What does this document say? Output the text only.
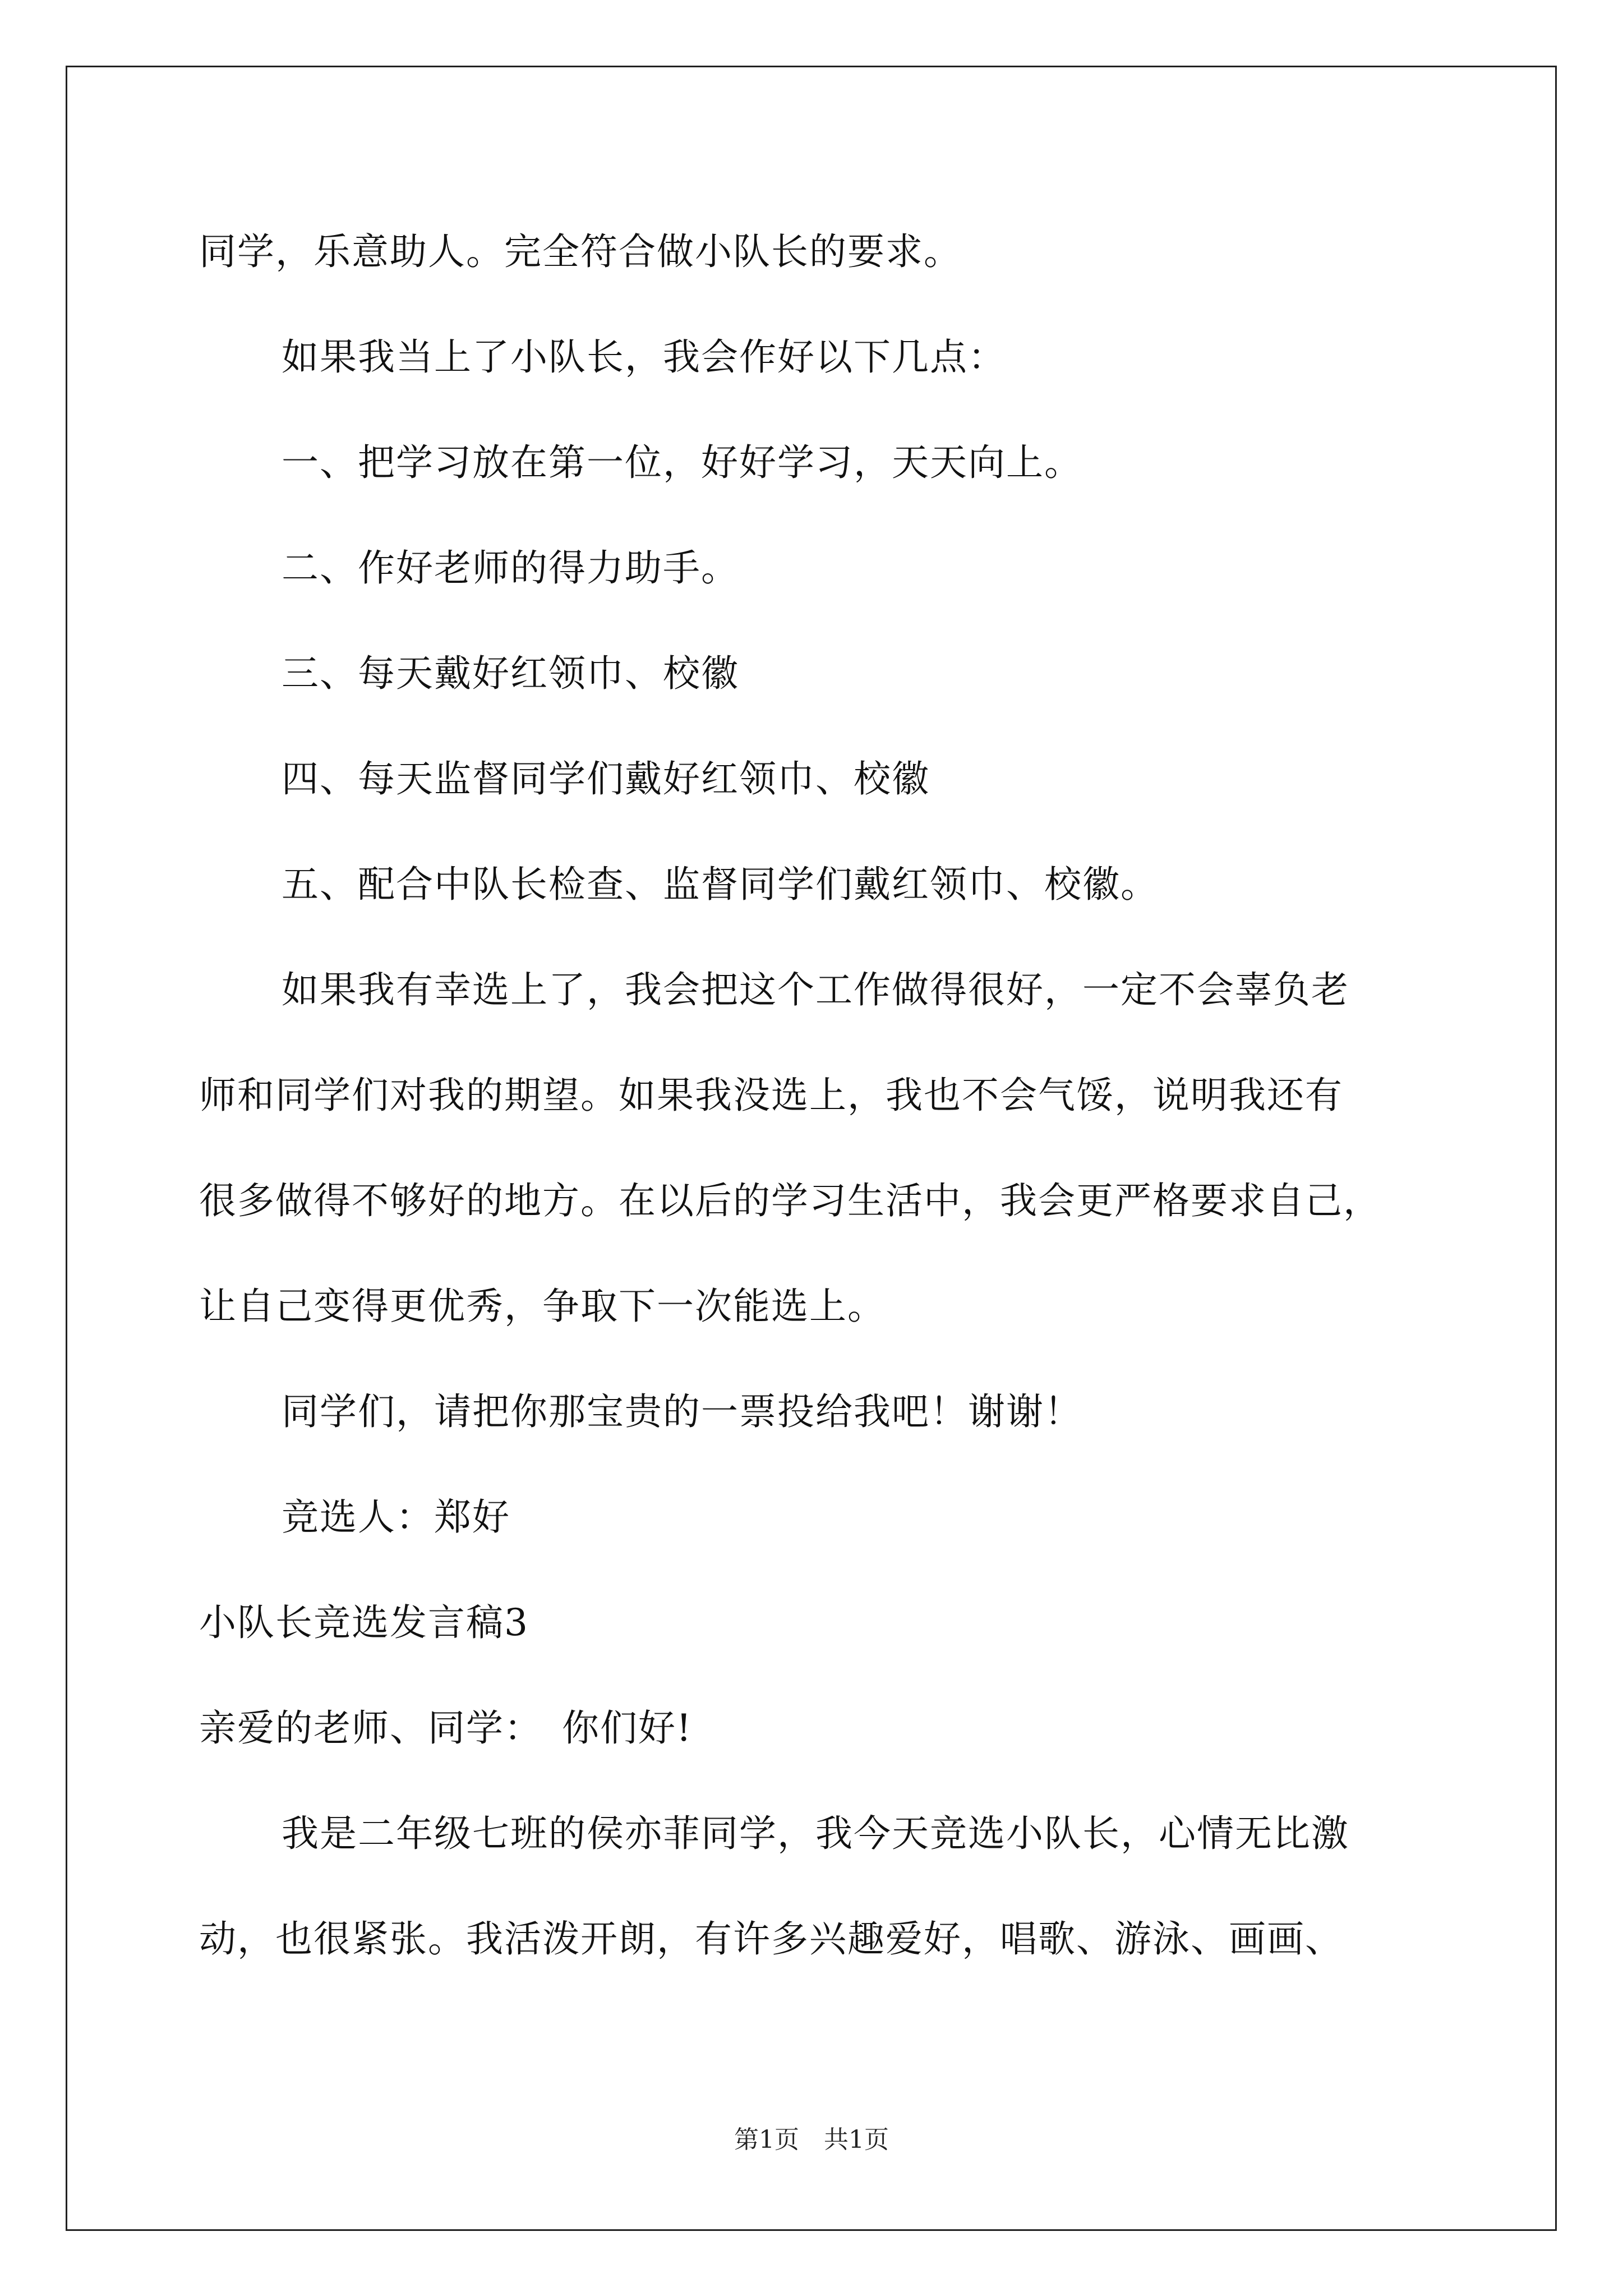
同学，乐意助人。完全符合做小队长的要求。
如果我当上了小队长，我会作好以下几点：
一、把学习放在第一位，好好学习，天天向上。
二、作好老师的得力助手。
三、每天戴好红领巾、校徽
四、每天监督同学们戴好红领巾、校徽
五、配合中队长检查、监督同学们戴红领巾、校徽。
如果我有幸选上了，我会把这个工作做得很好，一定不会辜负老
师和同学们对我的期望。如果我没选上，我也不会气馁，说明我还有
很多做得不够好的地方。在以后的学习生活中，我会更严格要求自己，
让自己变得更优秀，争取下一次能选上。
同学们，请把你那宝贵的一票投给我吧！谢谢！
竞选人：郑好
小队长竞选发言稿3
亲爱的老师、同学：　你们好!
我是二年级七班的侯亦菲同学，我今天竞选小队长，心情无比激
动，也很紧张。我活泼开朗，有许多兴趣爱好，唱歌、游泳、画画、
第1页　共1页
